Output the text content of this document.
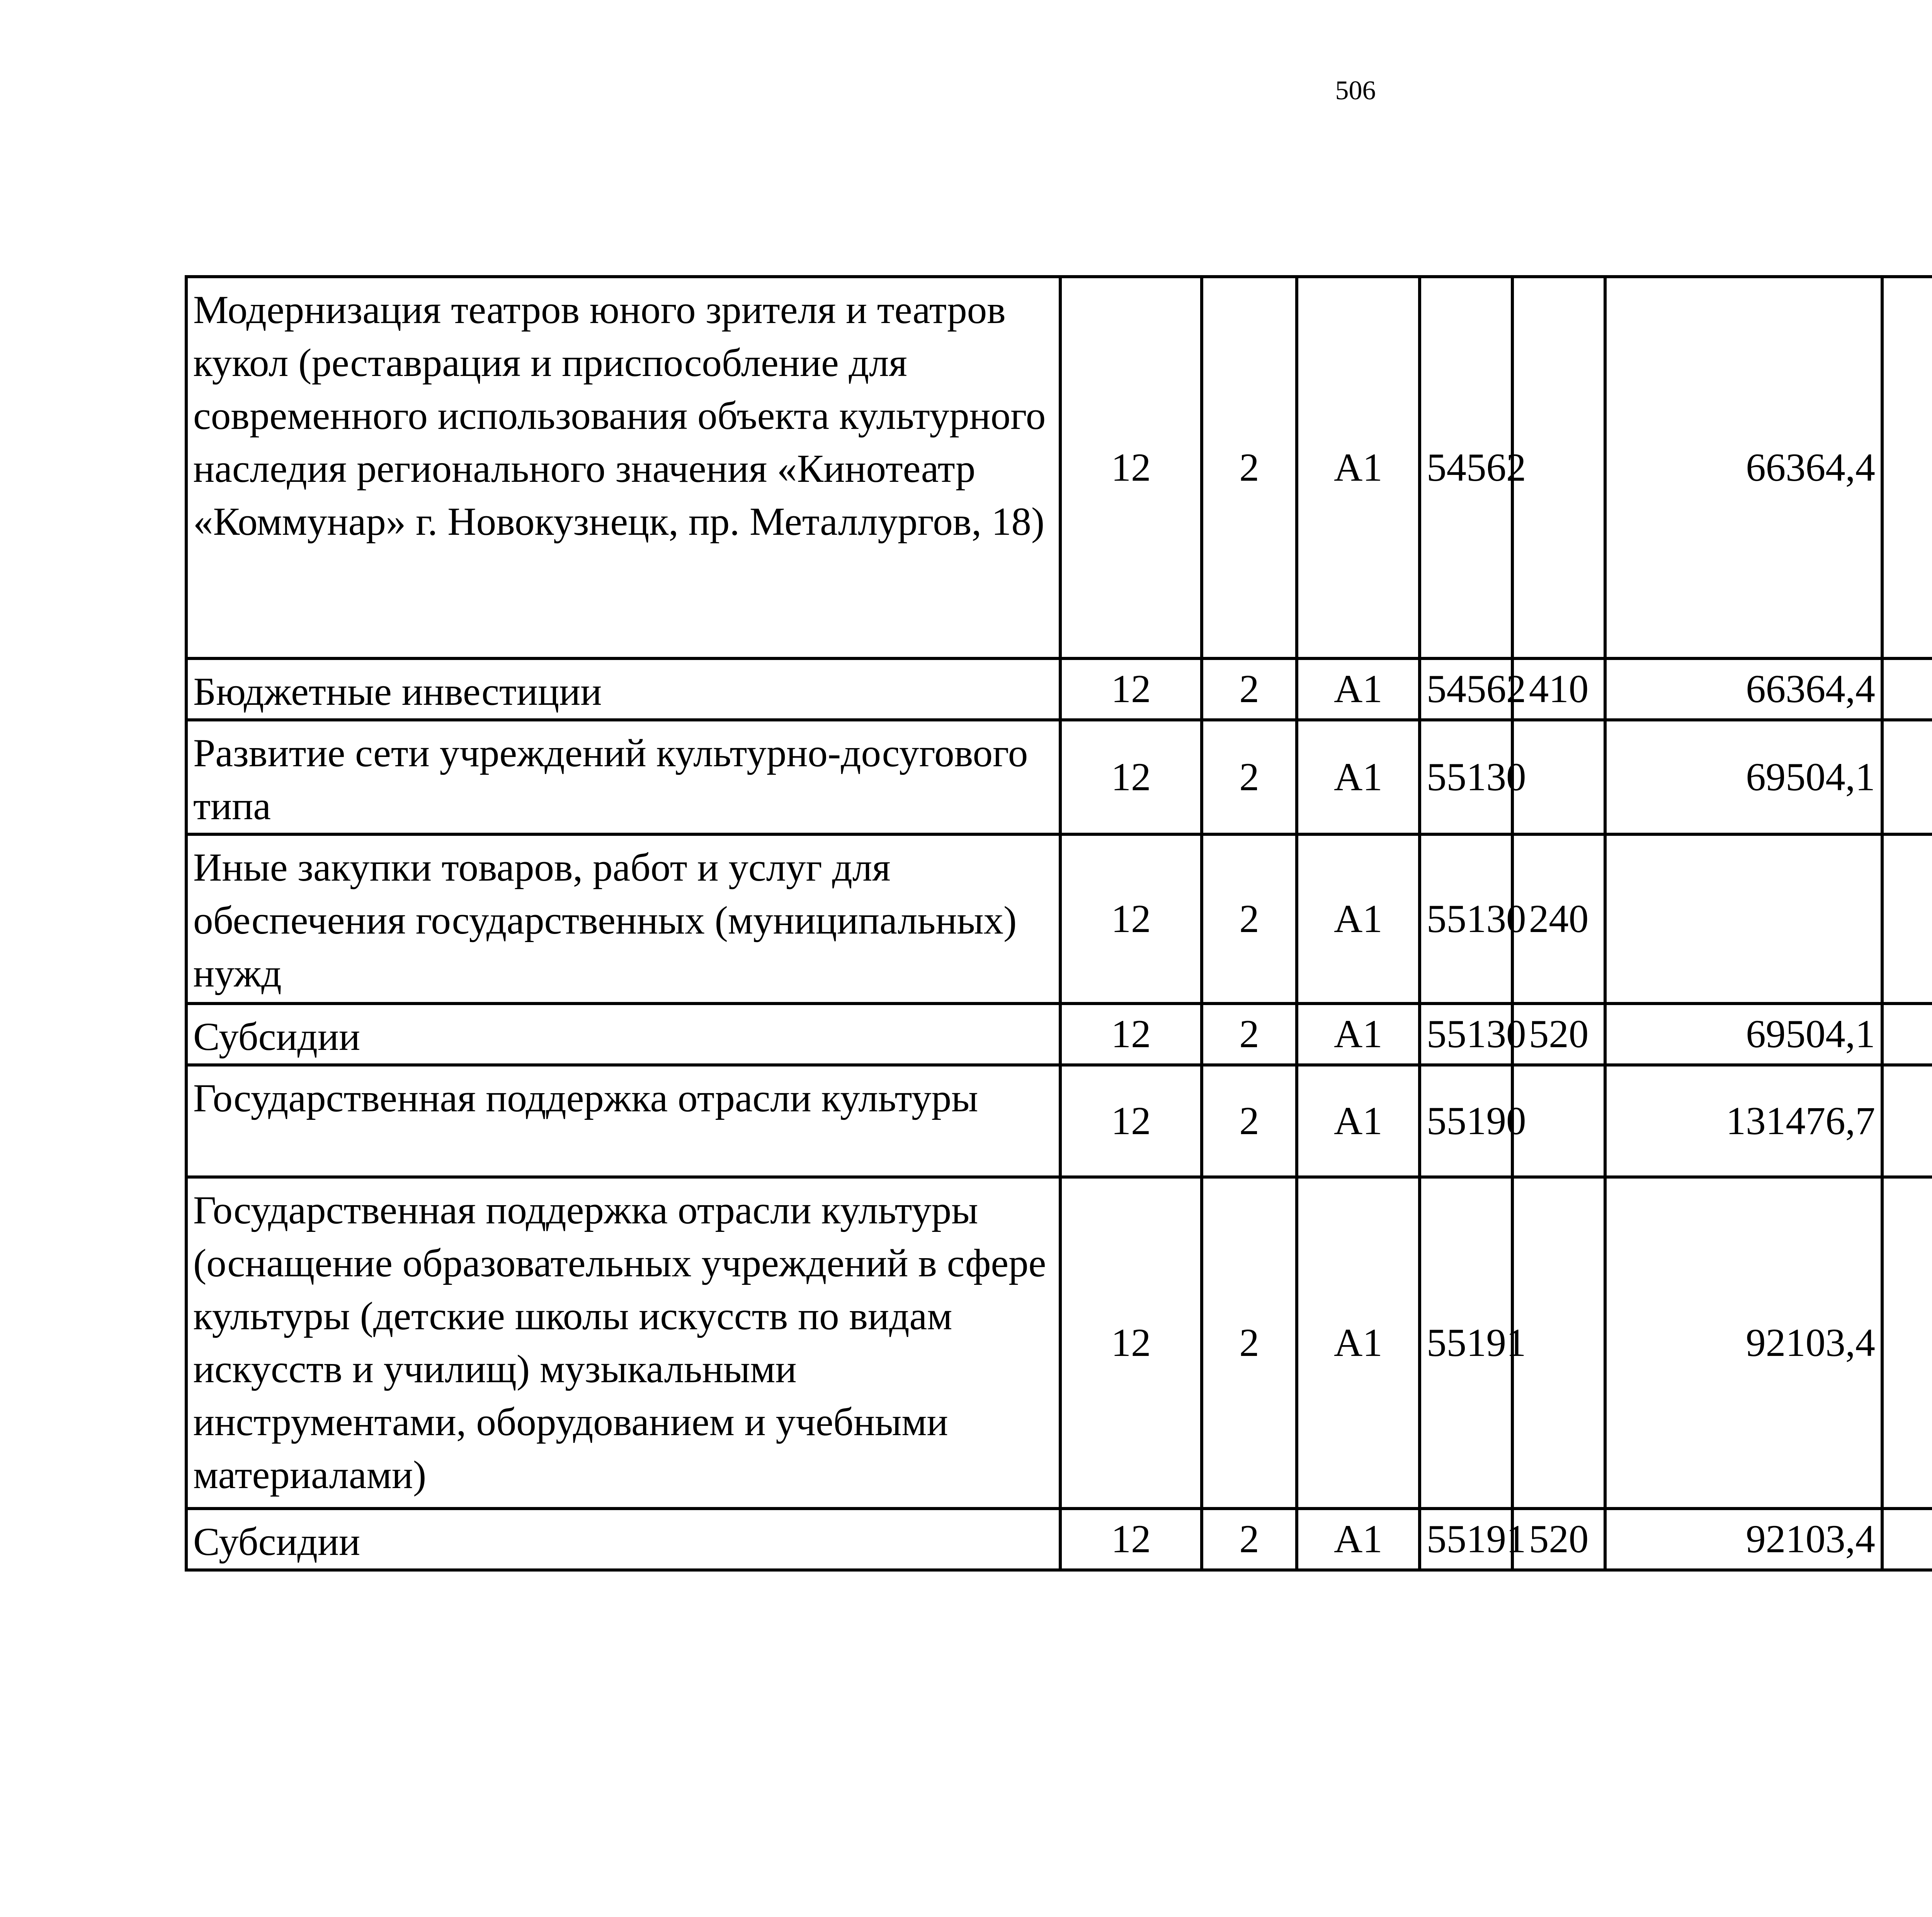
506
Модернизация театров юного зрителя и театров кукол (реставрация и приспособление для современного использования объекта культурного наследия регионального значения «Кинотеатр «Коммунар» г. Новокузнецк, пр. Металлургов, 18)	12	2	А1	54562		66364,4		
Бюджетные инвестиции	12	2	А1	54562	410	66364,4		
Развитие сети учреждений культурно-досугового типа	12	2	А1	55130		69504,1		
Иные закупки товаров, работ и услуг для обеспечения государственных (муниципальных) нужд	12	2	А1	55130	240			
Субсидии	12	2	А1	55130	520	69504,1		
Государственная поддержка отрасли культуры	12	2	А1	55190		131476,7		
Государственная поддержка отрасли культуры (оснащение образовательных учреждений в сфере культуры (детские школы искусств по видам искусств и училищ) музыкальными инструментами, оборудованием и учебными материалами)	12	2	А1	55191		92103,4		
Субсидии	12	2	А1	55191	520	92103,4		
